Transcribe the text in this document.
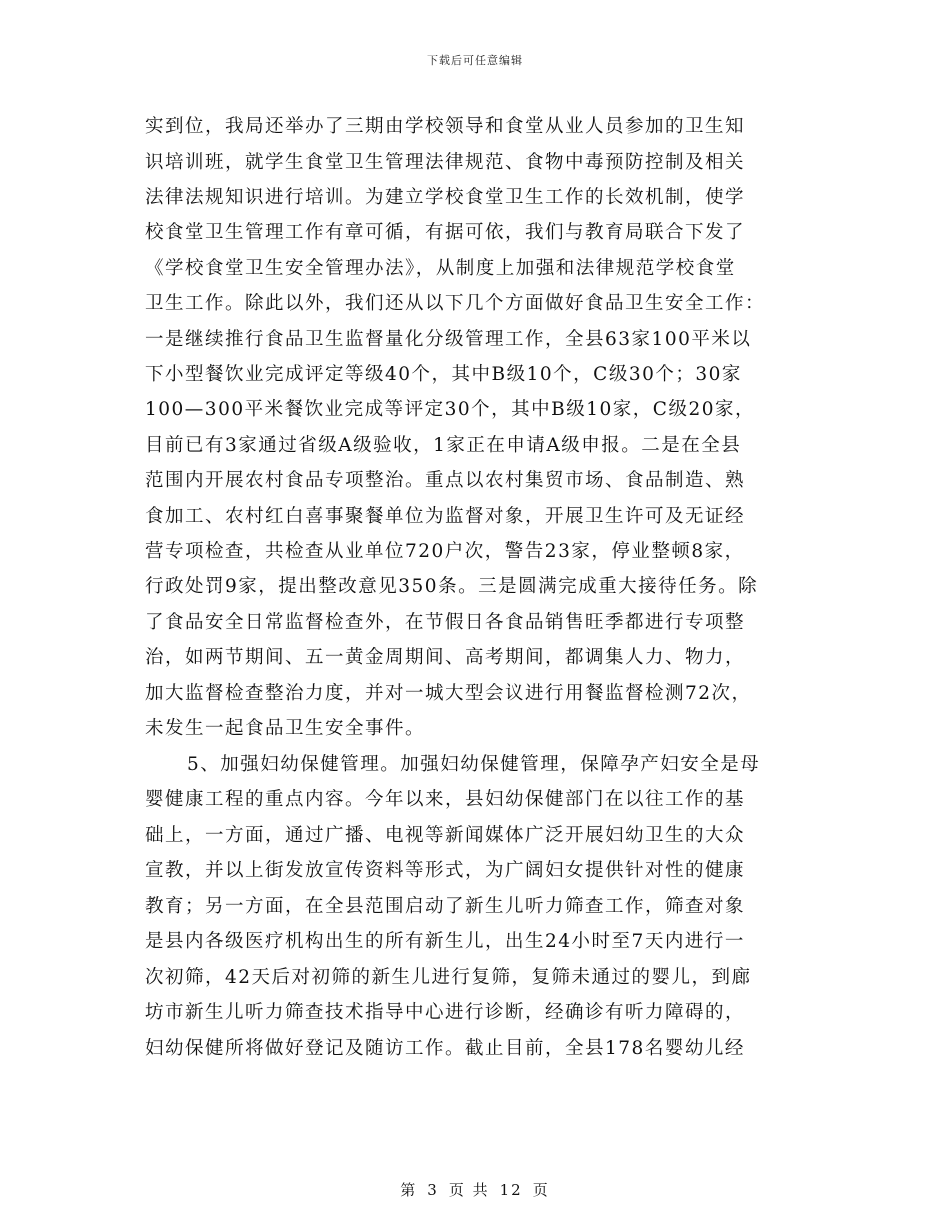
下载后可任意编辑
实到位，我局还举办了三期由学校领导和食堂从业人员参加的卫生知
识培训班，就学生食堂卫生管理法律规范、食物中毒预防控制及相关
法律法规知识进行培训。为建立学校食堂卫生工作的长效机制，使学
校食堂卫生管理工作有章可循，有据可依，我们与教育局联合下发了
《学校食堂卫生安全管理办法》，从制度上加强和法律规范学校食堂
卫生工作。除此以外，我们还从以下几个方面做好食品卫生安全工作：
一是继续推行食品卫生监督量化分级管理工作，全县63家100平米以
下小型餐饮业完成评定等级40个，其中B级10个，C级30个；30家
100—300平米餐饮业完成等评定30个，其中B级10家，C级20家，
目前已有3家通过省级A级验收，1家正在申请A级申报。二是在全县
范围内开展农村食品专项整治。重点以农村集贸市场、食品制造、熟
食加工、农村红白喜事聚餐单位为监督对象，开展卫生许可及无证经
营专项检查，共检查从业单位720户次，警告23家，停业整顿8家，
行政处罚9家，提出整改意见350条。三是圆满完成重大接待任务。除
了食品安全日常监督检查外，在节假日各食品销售旺季都进行专项整
治，如两节期间、五一黄金周期间、高考期间，都调集人力、物力，
加大监督检查整治力度，并对一城大型会议进行用餐监督检测72次，
未发生一起食品卫生安全事件。
5、加强妇幼保健管理。加强妇幼保健管理，保障孕产妇安全是母
婴健康工程的重点内容。今年以来，县妇幼保健部门在以往工作的基
础上，一方面，通过广播、电视等新闻媒体广泛开展妇幼卫生的大众
宣教，并以上街发放宣传资料等形式，为广阔妇女提供针对性的健康
教育；另一方面，在全县范围启动了新生儿听力筛查工作，筛查对象
是县内各级医疗机构出生的所有新生儿，出生24小时至7天内进行一
次初筛，42天后对初筛的新生儿进行复筛，复筛未通过的婴儿，到廊
坊市新生儿听力筛查技术指导中心进行诊断，经确诊有听力障碍的，
妇幼保健所将做好登记及随访工作。截止目前，全县178名婴幼儿经
第 3 页 共 12 页
